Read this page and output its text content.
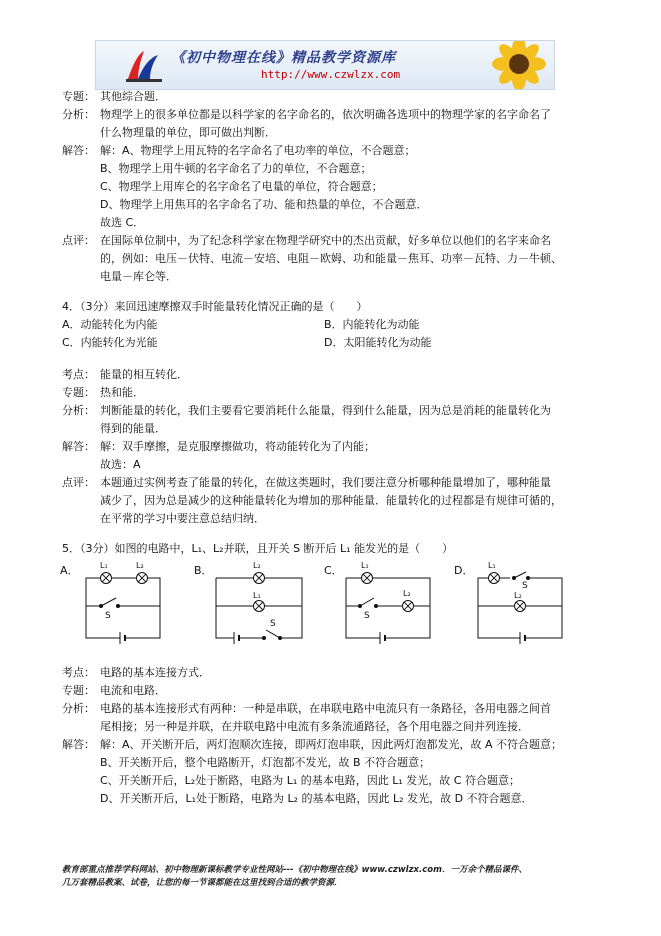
《初中物理在线》精品教学资源库
http://www.czwlzx.com
专题： 其他综合题．
分析： 物理学上的很多单位都是以科学家的名字命名的，依次明确各选项中的物理学家的名字命名了
什么物理量的单位，即可做出判断．
解答： 解：A、物理学上用瓦特的名字命名了电功率的单位，不合题意；
B、物理学上用牛顿的名字命名了力的单位，不合题意；
C、物理学上用库仑的名字命名了电量的单位，符合题意；
D、物理学上用焦耳的名字命名了功、能和热量的单位，不合题意．
故选 C．
点评： 在国际单位制中，为了纪念科学家在物理学研究中的杰出贡献，好多单位以他们的名字来命名
的，例如：电压－伏特、电流－安培、电阻－欧姆、功和能量－焦耳、功率－瓦特、力－牛顿、
电量－库仑等．
4．（3分）来回迅速摩擦双手时能量转化情况正确的是（　　）
A．动能转化为内能	B．内能转化为动能
C．内能转化为光能	D．太阳能转化为动能
考点： 能量的相互转化．
专题： 热和能．
分析： 判断能量的转化，我们主要看它要消耗什么能量，得到什么能量，因为总是消耗的能量转化为
得到的能量．
解答： 解：双手摩擦，是克服摩擦做功，将动能转化为了内能；
故选：A
点评： 本题通过实例考查了能量的转化，在做这类题时，我们要注意分析哪种能量增加了，哪种能量
减少了，因为总是减少的这种能量转化为增加的那种能量．能量转化的过程都是有规律可循的，
在平常的学习中要注意总结归纳．
5．（3分）如图的电路中，L₁、L₂并联，且开关 S 断开后 L₁ 能发光的是（　　）
A．
S
L₁	L₂	B．
S
L₂
L₁
C．
S
L₁
L₂
D．
S
L₁
L₂
考点： 电路的基本连接方式．
专题： 电流和电路．
分析： 电路的基本连接形式有两种：一种是串联，在串联电路中电流只有一条路径，各用电器之间首
尾相接；另一种是并联，在并联电路中电流有多条流通路径，各个用电器之间并列连接．
解答： 解：A、开关断开后，两灯泡顺次连接，即两灯泡串联，因此两灯泡都发光，故 A 不符合题意；
B、开关断开后，整个电路断开，灯泡都不发光，故 B 不符合题意；
C、开关断开后，L₂处于断路，电路为 L₁ 的基本电路，因此 L₁ 发光，故 C 符合题意；
D、开关断开后，L₁处于断路，电路为 L₂ 的基本电路，因此 L₂ 发光，故 D 不符合题意．
教育部重点推荐学科网站、初中物理新课标教学专业性网站---《初中物理在线》www.czwlzx.com．一万余个精品课件、
几万套精品教案、试卷，让您的每一节课都能在这里找到合适的教学资源．
